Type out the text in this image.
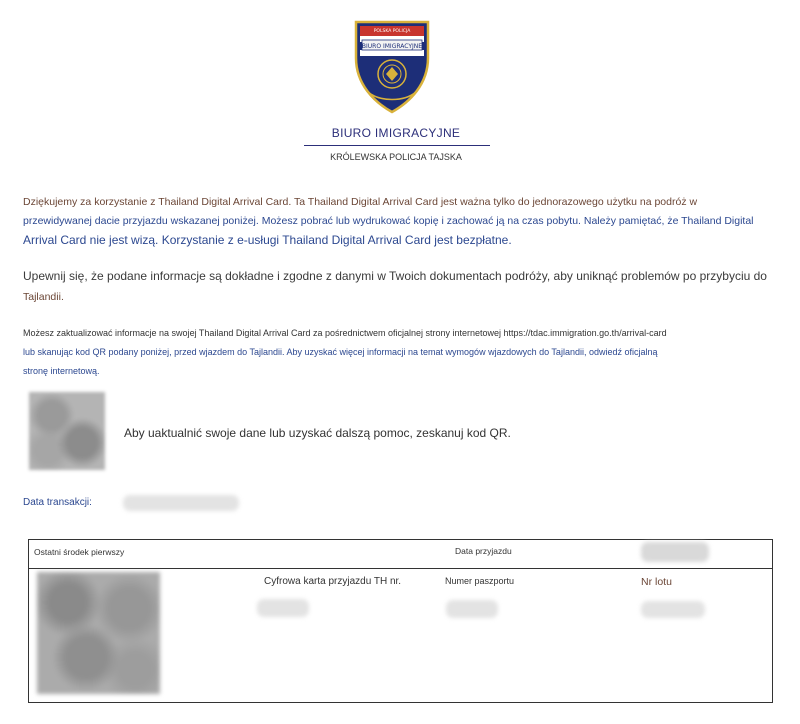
BIURO IMIGRACYJNE
POLSKA POLICJA
BIURO IMIGRACYJNE
KRÓLEWSKA POLICJA TAJSKA
Dziękujemy za korzystanie z Thailand Digital Arrival Card. Ta Thailand Digital Arrival Card jest ważna tylko do jednorazowego użytku na podróż w
przewidywanej dacie przyjazdu wskazanej poniżej. Możesz pobrać lub wydrukować kopię i zachować ją na czas pobytu. Należy pamiętać, że Thailand Digital
Arrival Card nie jest wizą. Korzystanie z e-usługi Thailand Digital Arrival Card jest bezpłatne.
Upewnij się, że podane informacje są dokładne i zgodne z danymi w Twoich dokumentach podróży, aby uniknąć problemów po przybyciu do
Tajlandii.
Możesz zaktualizować informacje na swojej Thailand Digital Arrival Card za pośrednictwem oficjalnej strony internetowej https://tdac.immigration.go.th/arrival-card
lub skanując kod QR podany poniżej, przed wjazdem do Tajlandii. Aby uzyskać więcej informacji na temat wymogów wjazdowych do Tajlandii, odwiedź oficjalną
stronę internetową.
Aby uaktualnić swoje dane lub uzyskać dalszą pomoc, zeskanuj kod QR.
Data transakcji:
Ostatni środek pierwszy	Data przyjazdu
Cyfrowa karta przyjazdu TH nr.	Numer paszportu	Nr lotu
